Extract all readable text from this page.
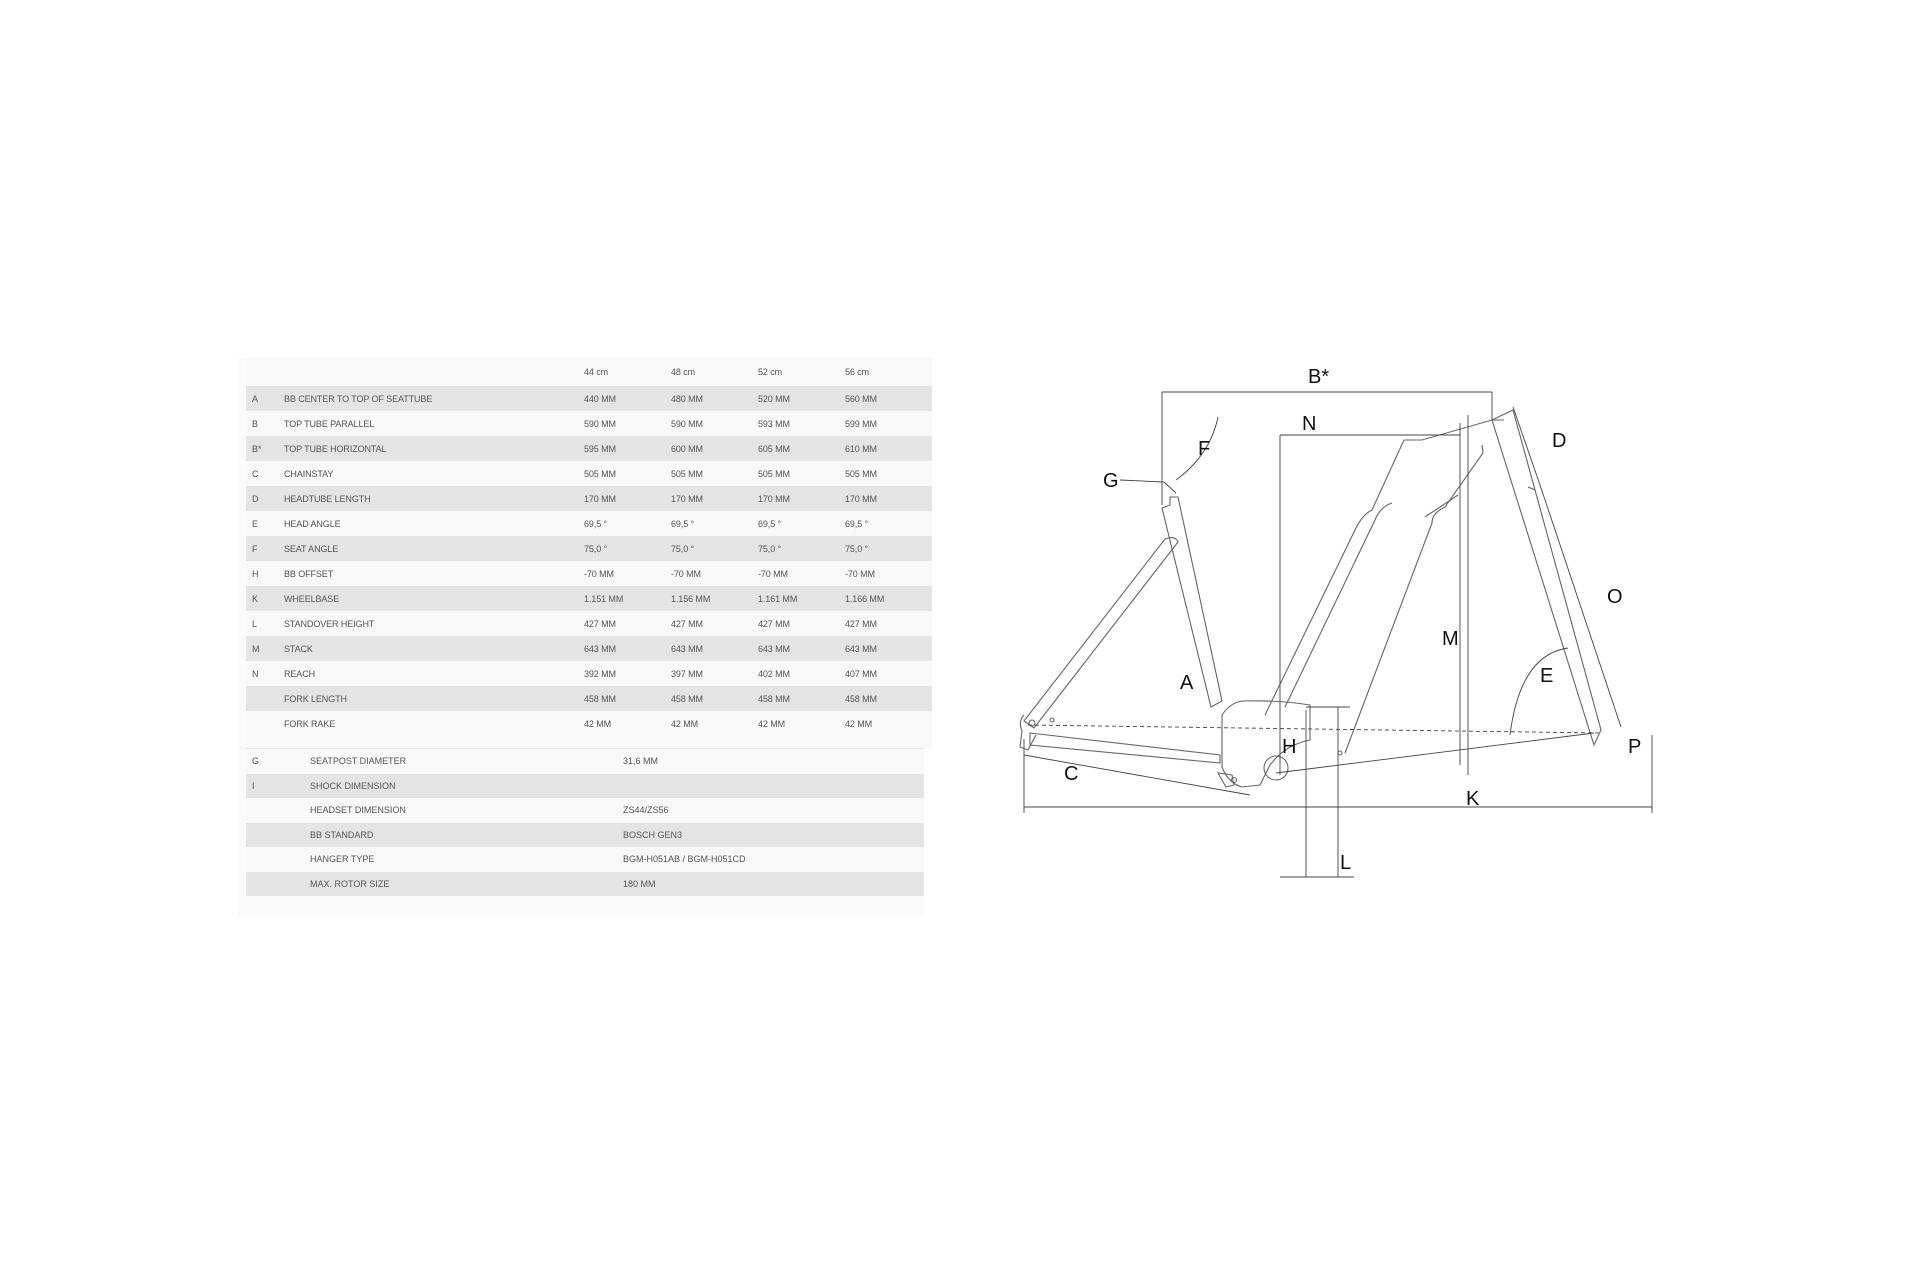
		44 cm	48 cm	52 cm	56 cm
A	BB CENTER TO TOP OF SEATTUBE	440 MM	480 MM	520 MM	560 MM
B	TOP TUBE PARALLEL	590 MM	590 MM	593 MM	599 MM
B*	TOP TUBE HORIZONTAL	595 MM	600 MM	605 MM	610 MM
C	CHAINSTAY	505 MM	505 MM	505 MM	505 MM
D	HEADTUBE LENGTH	170 MM	170 MM	170 MM	170 MM
E	HEAD ANGLE	69,5 °	69,5 °	69,5 °	69,5 °
F	SEAT ANGLE	75,0 °	75,0 °	75,0 °	75,0 °
H	BB OFFSET	-70 MM	-70 MM	-70 MM	-70 MM
K	WHEELBASE	1.151 MM	1.156 MM	1.161 MM	1.166 MM
L	STANDOVER HEIGHT	427 MM	427 MM	427 MM	427 MM
M	STACK	643 MM	643 MM	643 MM	643 MM
N	REACH	392 MM	397 MM	402 MM	407 MM
	FORK LENGTH	458 MM	458 MM	458 MM	458 MM
	FORK RAKE	42 MM	42 MM	42 MM	42 MM

G	SEATPOST DIAMETER	31,6 MM
I	SHOCK DIMENSION	
	HEADSET DIMENSION	ZS44/ZS56
	BB STANDARD	BOSCH GEN3
	HANGER TYPE	BGM-H051AB / BGM-H051CD
	MAX. ROTOR SIZE	180 MM
B*
N
F
G
D
O
M
E
A
H	P
C
K
L
